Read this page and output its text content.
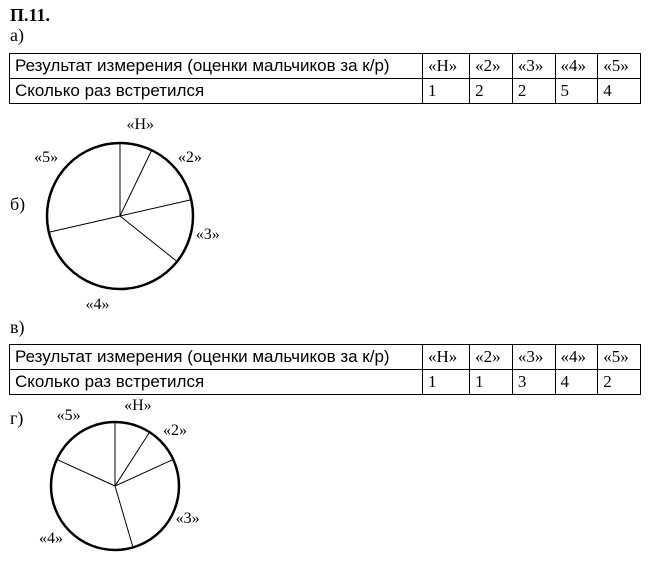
П.11.
а)
Результат измерения (оценки мальчиков за к/р)	«Н»	«2»	«3»	«4»	«5»
Сколько раз встретился	1	2	2	5	4
б)
в)
Результат измерения (оценки мальчиков за к/р)	«Н»	«2»	«3»	«4»	«5»
Сколько раз встретился	1	1	3	4	2
г)
«Н»
«2»
«3»
«4»
«5»
«Н»
«2»
«3»
«4»
«5»
